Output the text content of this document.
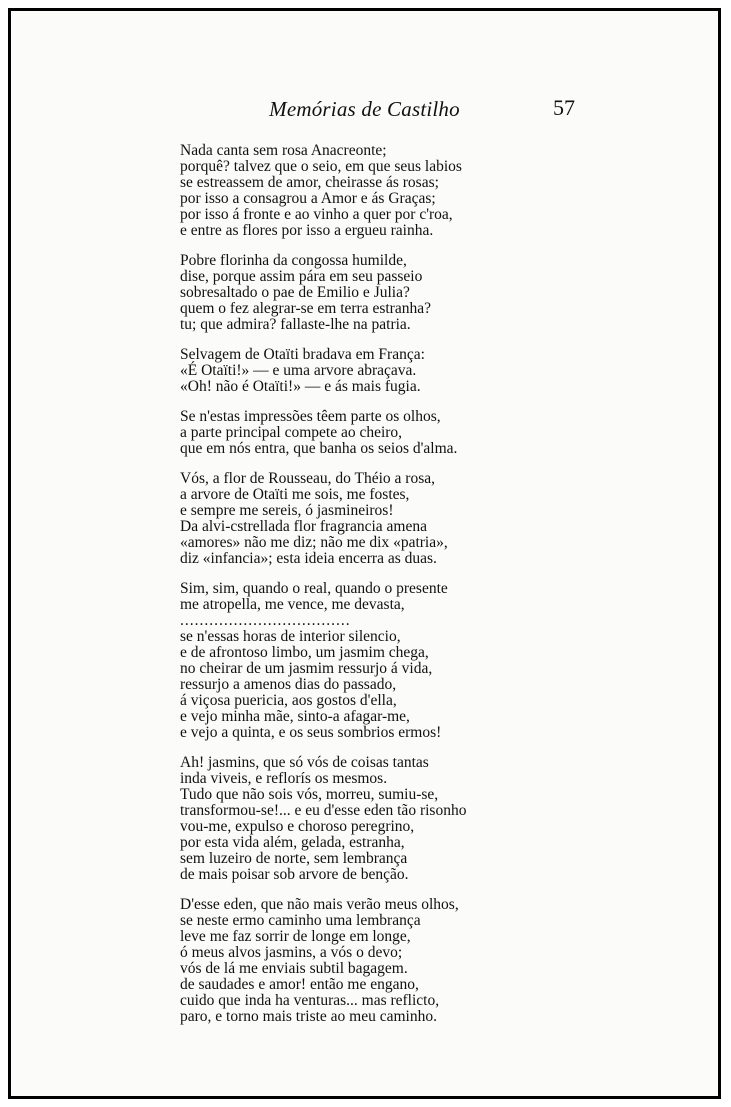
Memórias de Castilho	57
Nada canta sem rosa Anacreonte;
porquê? talvez que o seio, em que seus labios
se estreassem de amor, cheirasse ás rosas;
por isso a consagrou a Amor e ás Graças;
por isso á fronte e ao vinho a quer por c'roa,
e entre as flores por isso a ergueu rainha.
Pobre florinha da congossa humilde,
dise, porque assim pára em seu passeio
sobresaltado o pae de Emilio e Julia?
quem o fez alegrar-se em terra estranha?
tu; que admira? fallaste-lhe na patria.
Selvagem de Otaïti bradava em França:
«É Otaïti!» — e uma arvore abraçava.
«Oh! não é Otaïti!» — e ás mais fugia.
Se n'estas impressões têem parte os olhos,
a parte principal compete ao cheiro,
que em nós entra, que banha os seios d'alma.
Vós, a flor de Rousseau, do Théio a rosa,
a arvore de Otaïti me sois, me fostes,
e sempre me sereis, ó jasmineiros!
Da alvi-cstrellada flor fragrancia amena
«amores» não me diz; não me dix «patria»,
diz «infancia»; esta ideia encerra as duas.
Sim, sim, quando o real, quando o presente
me atropella, me vence, me devasta,
...................................
se n'essas horas de interior silencio,
e de afrontoso limbo, um jasmim chega,
no cheirar de um jasmim ressurjo á vida,
ressurjo a amenos dias do passado,
á viçosa puericia, aos gostos d'ella,
e vejo minha mãe, sinto-a afagar-me,
e vejo a quinta, e os seus sombrios ermos!
Ah! jasmins, que só vós de coisas tantas
inda viveis, e reflorís os mesmos.
Tudo que não sois vós, morreu, sumiu-se,
transformou-se!... e eu d'esse eden tão risonho
vou-me, expulso e choroso peregrino,
por esta vida além, gelada, estranha,
sem luzeiro de norte, sem lembrança
de mais poisar sob arvore de benção.
D'esse eden, que não mais verão meus olhos,
se neste ermo caminho uma lembrança
leve me faz sorrir de longe em longe,
ó meus alvos jasmins, a vós o devo;
vós de lá me enviais subtil bagagem.
de saudades e amor! então me engano,
cuido que inda ha venturas... mas reflicto,
paro, e torno mais triste ao meu caminho.
